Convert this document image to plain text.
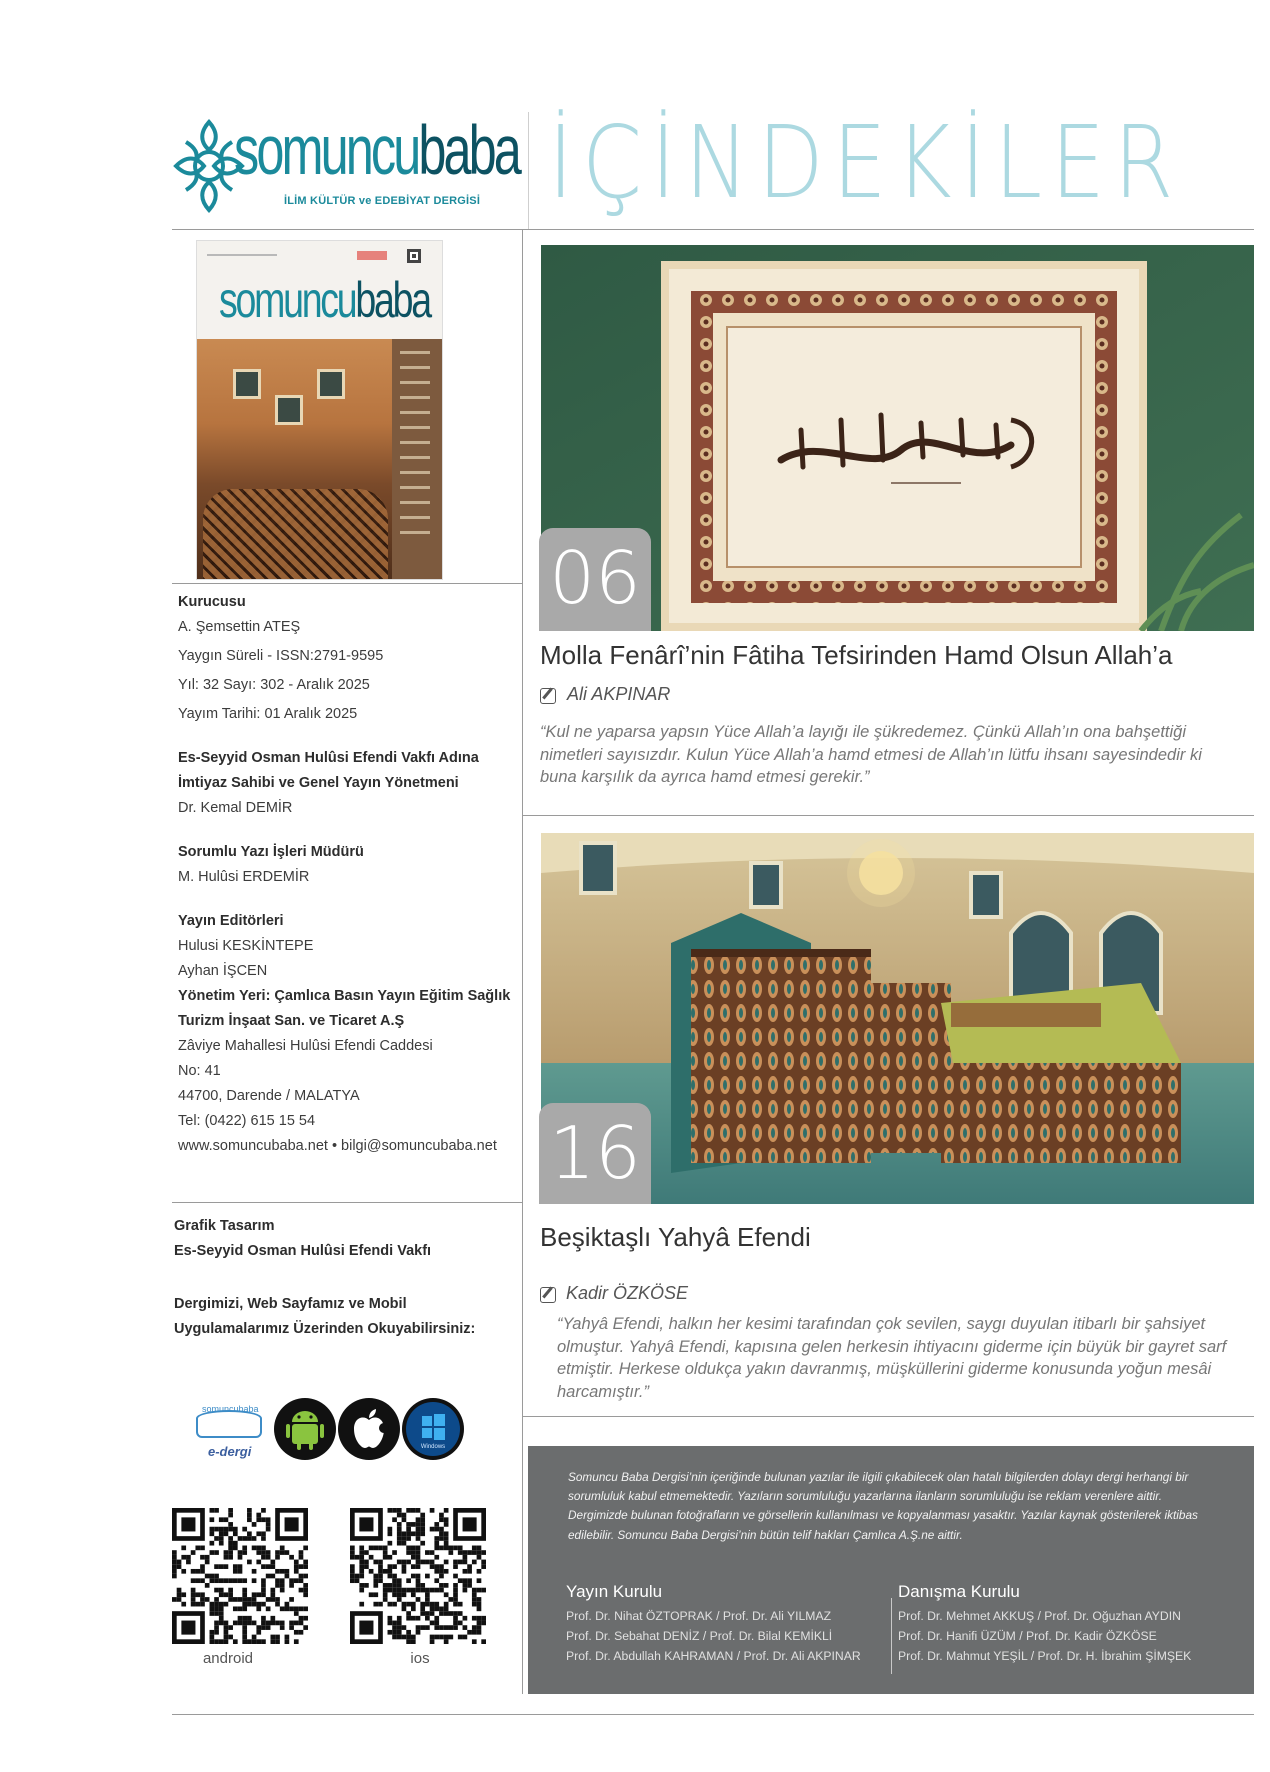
somuncubaba
İLİM KÜLTÜR ve EDEBİYAT DERGİSİ İÇİNDEKİLER
somuncubaba
Kurucusu
A. Şemsettin ATEŞ
Yaygın Süreli - ISSN:2791-9595
Yıl: 32 Sayı: 302 - Aralık 2025
Yayım Tarihi: 01 Aralık 2025
Es-Seyyid Osman Hulûsi Efendi Vakfı Adına
İmtiyaz Sahibi ve Genel Yayın Yönetmeni
Dr. Kemal DEMİR
Sorumlu Yazı İşleri Müdürü
M. Hulûsi ERDEMİR
Yayın Editörleri
Hulusi KESKİNTEPE
Ayhan İŞCEN
Yönetim Yeri: Çamlıca Basın Yayın Eğitim Sağlık
Turizm İnşaat San. ve Ticaret A.Ş
Zâviye Mahallesi Hulûsi Efendi Caddesi
No: 41
44700, Darende / MALATYA
Tel: (0422) 615 15 54
www.somuncubaba.net • bilgi@somuncubaba.net
Grafik Tasarım
Es-Seyyid Osman Hulûsi Efendi Vakfı
Dergimizi, Web Sayfamız ve Mobil
Uygulamalarımız Üzerinden Okuyabilirsiniz:
somuncubaba
e-dergi	Windows
android	ios
06
Molla Fenârî’nin Fâtiha Tefsirinden Hamd Olsun Allah’a
Ali AKPINAR
“Kul ne yaparsa yapsın Yüce Allah’a layığı ile şükredemez. Çünkü Allah’ın ona bahşettiği nimetleri sayısızdır. Kulun Yüce Allah’a hamd etmesi de Allah’ın lütfu ihsanı sayesindedir ki buna karşılık da ayrıca hamd etmesi gerekir.”
16
Beşiktaşlı Yahyâ Efendi
Kadir ÖZKÖSE
“Yahyâ Efendi, halkın her kesimi tarafından çok sevilen, saygı duyulan itibarlı bir şahsiyet olmuştur. Yahyâ Efendi, kapısına gelen herkesin ihtiyacını giderme için büyük bir gayret sarf etmiştir. Herkese oldukça yakın davranmış, müşküllerini giderme konusunda yoğun mesâi harcamıştır.”
Somuncu Baba Dergisi’nin içeriğinde bulunan yazılar ile ilgili çıkabilecek olan hatalı bilgilerden dolayı dergi herhangi bir sorumluluk kabul etmemektedir. Yazıların sorumluluğu yazarlarına ilanların sorumluluğu ise reklam verenlere aittir. Dergimizde bulunan fotoğrafların ve görsellerin kullanılması ve kopyalanması yasaktır. Yazılar kaynak gösterilerek iktibas edilebilir. Somuncu Baba Dergisi’nin bütün telif hakları Çamlıca A.Ş.ne aittir.
Yayın Kurulu
Prof. Dr. Nihat ÖZTOPRAK / Prof. Dr. Ali YILMAZ
Prof. Dr. Sebahat DENİZ / Prof. Dr. Bilal KEMİKLİ
Prof. Dr. Abdullah KAHRAMAN / Prof. Dr. Ali AKPINAR
Danışma Kurulu
Prof. Dr. Mehmet AKKUŞ / Prof. Dr. Oğuzhan AYDIN
Prof. Dr. Hanifi ÜZÜM / Prof. Dr. Kadir ÖZKÖSE
Prof. Dr. Mahmut YEŞİL / Prof. Dr. H. İbrahim ŞİMŞEK
